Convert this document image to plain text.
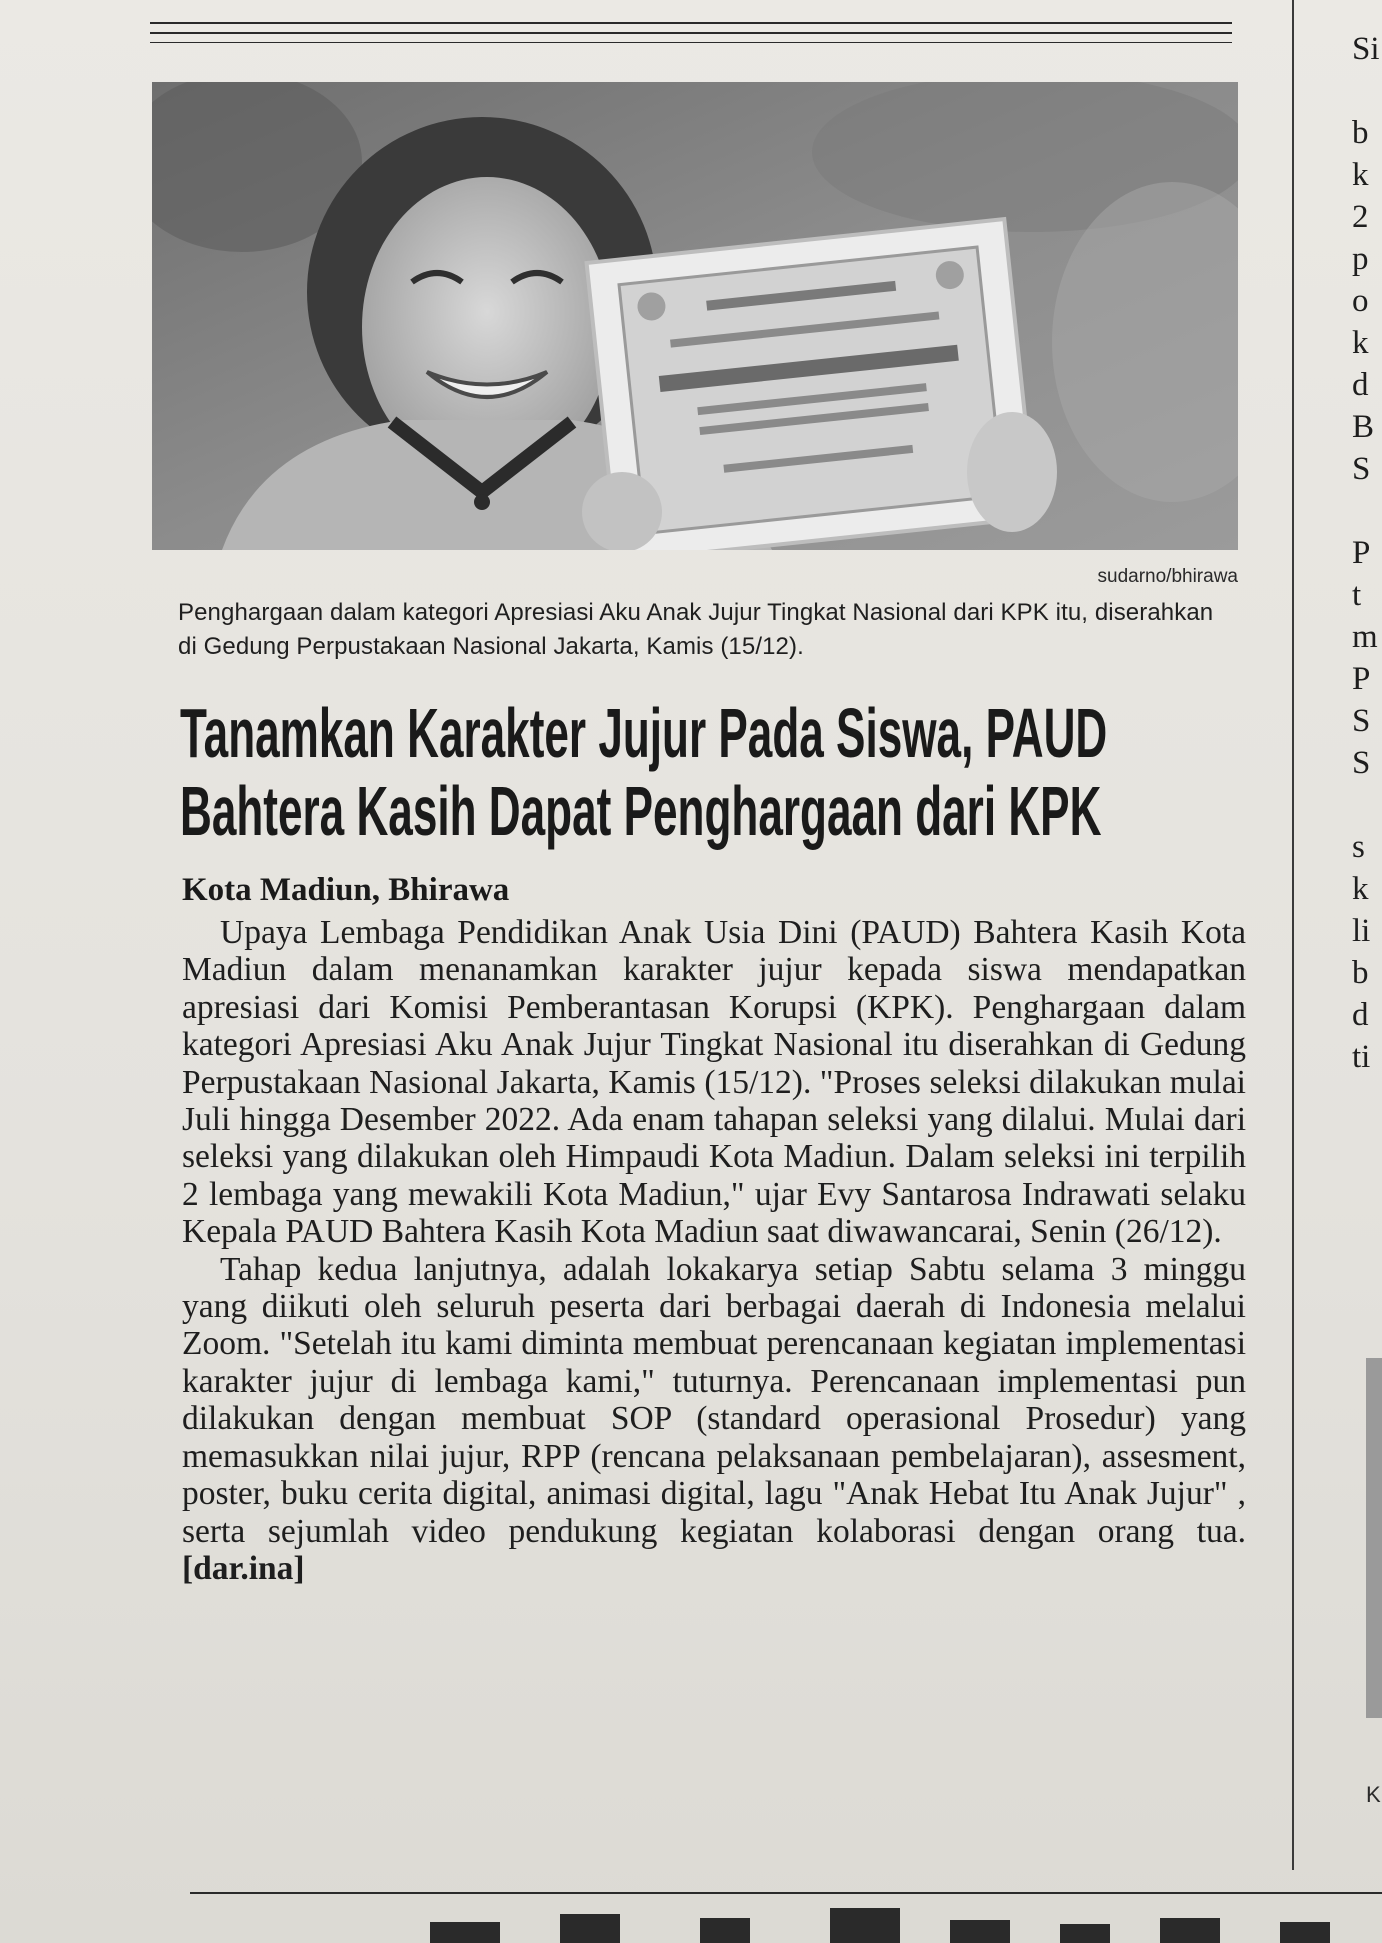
sudarno/bhirawa
Penghargaan dalam kategori Apresiasi Aku Anak Jujur Tingkat Nasional dari KPK itu, diserahkan di Gedung Perpustakaan Nasional Jakarta, Kamis (15/12).
Tanamkan Karakter Jujur Pada Siswa, PAUD
Bahtera Kasih Dapat Penghargaan dari KPK
Kota Madiun, Bhirawa

Upaya Lembaga Pendidikan Anak Usia Dini (PAUD) Bahtera Kasih Kota Madiun dalam menanamkan karakter jujur kepada siswa mendapatkan apresiasi dari Komisi Pemberantasan Korupsi (KPK). Penghargaan dalam kategori Apresiasi Aku Anak Jujur Tingkat Nasional itu diserahkan di Gedung Perpustakaan Nasional Jakarta, Kamis (15/12). "Proses seleksi dilakukan mulai Juli hingga Desember 2022. Ada enam tahapan seleksi yang dilalui. Mulai dari seleksi yang dilakukan oleh Himpaudi Kota Madiun. Dalam seleksi ini terpilih 2 lembaga yang mewakili Kota Madiun," ujar Evy Santarosa Indrawati selaku Kepala PAUD Bahtera Kasih Kota Madiun saat diwawancarai, Senin (26/12).

Tahap kedua lanjutnya, adalah lokakarya setiap Sabtu selama 3 minggu yang diikuti oleh seluruh peserta dari berbagai daerah di Indonesia melalui Zoom. "Setelah itu kami diminta membuat perencanaan kegiatan implementasi karakter jujur di lembaga kami," tuturnya. Perencanaan implementasi pun dilakukan dengan membuat SOP (standard operasional Prosedur) yang memasukkan nilai jujur, RPP (rencana pelaksanaan pembelajaran), assesment, poster, buku cerita digital, animasi digital, lagu "Anak Hebat Itu Anak Jujur" , serta sejumlah video pendukung kegiatan kolaborasi dengan orang tua. [dar.ina]

Si
b
k
2
p
o
k
d
B
S
P
t
m
P
S
S
s
k
li
b
d
ti
K
